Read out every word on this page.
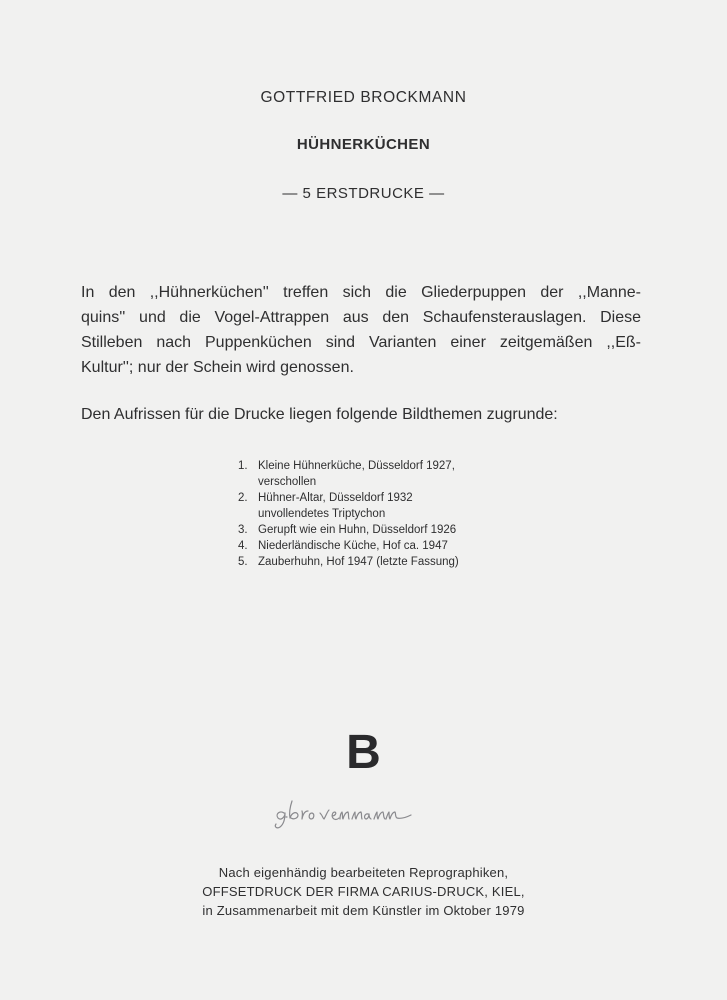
GOTTFRIED BROCKMANN
HÜHNERKÜCHEN
— 5 ERSTDRUCKE —
In den ,,Hühnerküchen'' treffen sich die Gliederpuppen der ,,Manne-
quins'' und die Vogel-Attrappen aus den Schaufensterauslagen. Diese
Stilleben nach Puppenküchen sind Varianten einer zeitgemäßen ,,Eß-
Kultur''; nur der Schein wird genossen.
Den Aufrissen für die Drucke liegen folgende Bildthemen zugrunde:
1. Kleine Hühnerküche, Düsseldorf 1927,
verschollen
2. Hühner-Altar, Düsseldorf 1932
unvollendetes Triptychon
3. Gerupft wie ein Huhn, Düsseldorf 1926
4. Niederländische Küche, Hof ca. 1947
5. Zauberhuhn, Hof 1947 (letzte Fassung)
B
Nach eigenhändig bearbeiteten Reprographiken,
OFFSETDRUCK DER FIRMA CARIUS-DRUCK, KIEL,
in Zusammenarbeit mit dem Künstler im Oktober 1979
